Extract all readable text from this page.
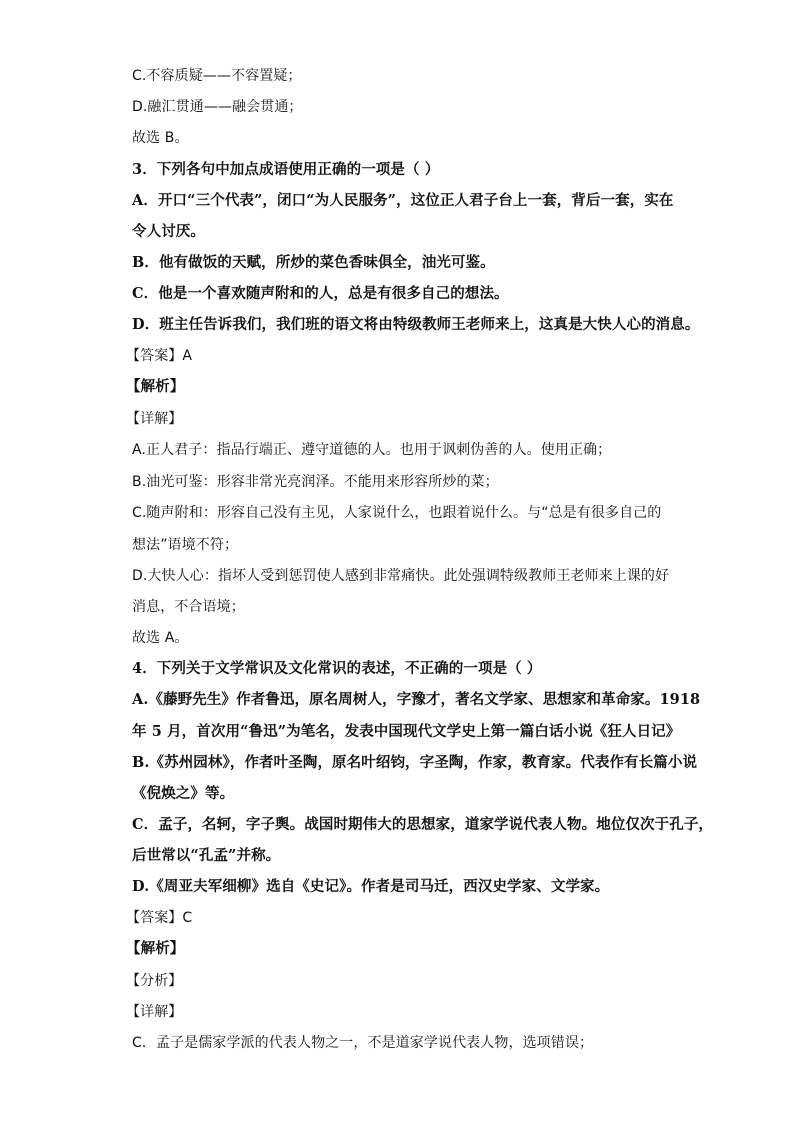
C.不容质疑——不容置疑；
D.融汇贯通——融会贯通；
故选 B。
3．下列各句中加点成语使用正确的一项是（ ）
A．开口“三个代表”，闭口“为人民服务”，这位正人君子台上一套，背后一套，实在
令人讨厌。
B．他有做饭的天赋，所炒的菜色香味俱全，油光可鉴。
C．他是一个喜欢随声附和的人，总是有很多自己的想法。
D．班主任告诉我们，我们班的语文将由特级教师王老师来上，这真是大快人心的消息。
【答案】A
【解析】
【详解】
A.正人君子：指品行端正、遵守道德的人。也用于讽刺伪善的人。使用正确；
B.油光可鉴：形容非常光亮润泽。不能用来形容所炒的菜；
C.随声附和：形容自己没有主见，人家说什么，也跟着说什么。与“总是有很多自己的
想法”语境不符；
D.大快人心：指坏人受到惩罚使人感到非常痛快。此处强调特级教师王老师来上课的好
消息，不合语境；
故选 A。
4．下列关于文学常识及文化常识的表述，不正确的一项是（ ）
A.《藤野先生》作者鲁迅，原名周树人，字豫才，著名文学家、思想家和革命家。1918
年 5 月，首次用“鲁迅”为笔名，发表中国现代文学史上第一篇白话小说《狂人日记》
B.《苏州园林》，作者叶圣陶，原名叶绍钧，字圣陶，作家，教育家。代表作有长篇小说
《倪焕之》等。
C．孟子，名轲，字子舆。战国时期伟大的思想家，道家学说代表人物。地位仅次于孔子，
后世常以“孔孟”并称。
D.《周亚夫军细柳》选自《史记》。作者是司马迁，西汉史学家、文学家。
【答案】C
【解析】
【分析】
【详解】
C．孟子是儒家学派的代表人物之一，不是道家学说代表人物，选项错误；
